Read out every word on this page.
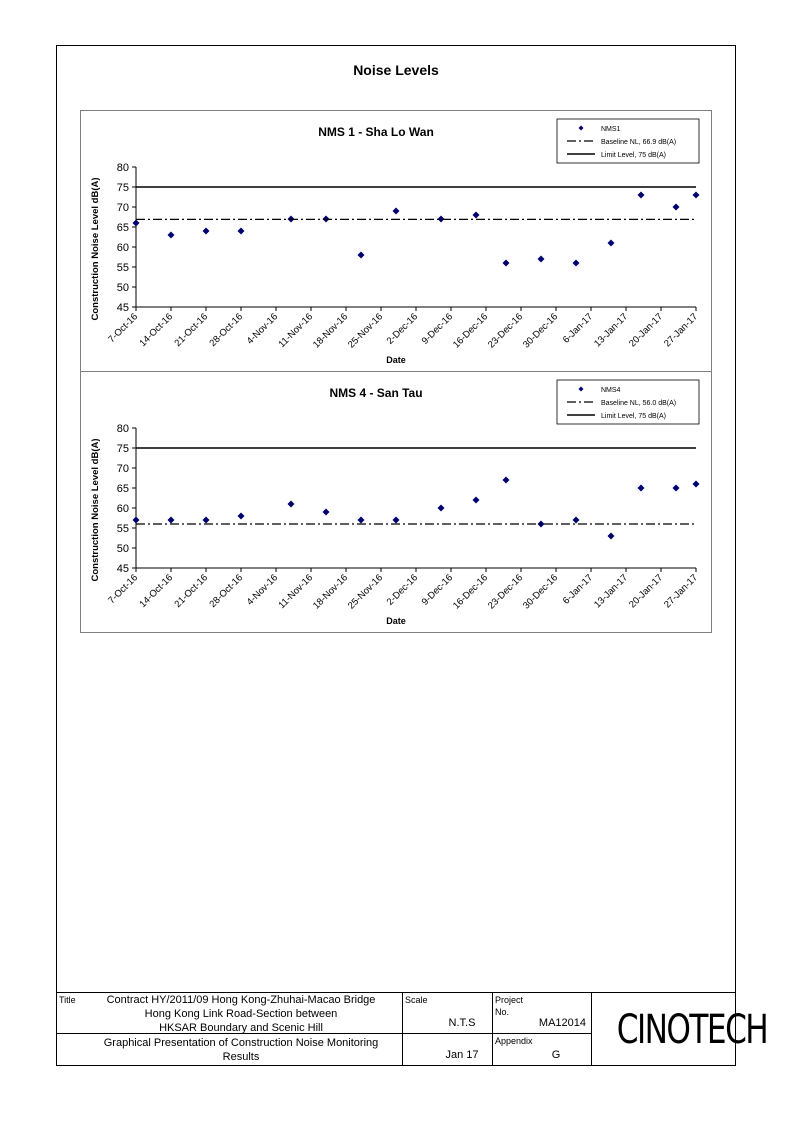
Noise Levels
NMS 1 - Sha Lo Wan
45
50
55
60
65
70
75
80
7-Oct-16
14-Oct-16
21-Oct-16
28-Oct-16 4-Nov-16
11-Nov-16
18-Nov-16
25-Nov-16 2-Dec-16 9-Dec-16
16-Dec-16
23-Dec-16
30-Dec-16 6-Jan-17
13-Jan-17
20-Jan-17
27-Jan-17
Date
Construction Noise Level dB(A)
NMS1
Baseline NL, 66.9 dB(A)
Limit Level, 75 dB(A)
NMS 4 - San Tau
45
50
55
60
65
70
75
80
7-Oct-16
14-Oct-16
21-Oct-16
28-Oct-16 4-Nov-16
11-Nov-16
18-Nov-16
25-Nov-16 2-Dec-16 9-Dec-16
16-Dec-16
23-Dec-16
30-Dec-16 6-Jan-17
13-Jan-17
20-Jan-17
27-Jan-17
Date
Construction Noise Level dB(A)
NMS4
Baseline NL, 56.0 dB(A)
Limit Level, 75 dB(A)
Title	Contract HY/2011/09 Hong Kong-Zhuhai-Macao Bridge
Hong Kong Link Road-Section between
HKSAR Boundary and Scenic Hill
Graphical Presentation of Construction Noise Monitoring
Results
Scale
N.T.S
Jan 17
Project
No.
MA12014
Appendix
G
CINOTECH
